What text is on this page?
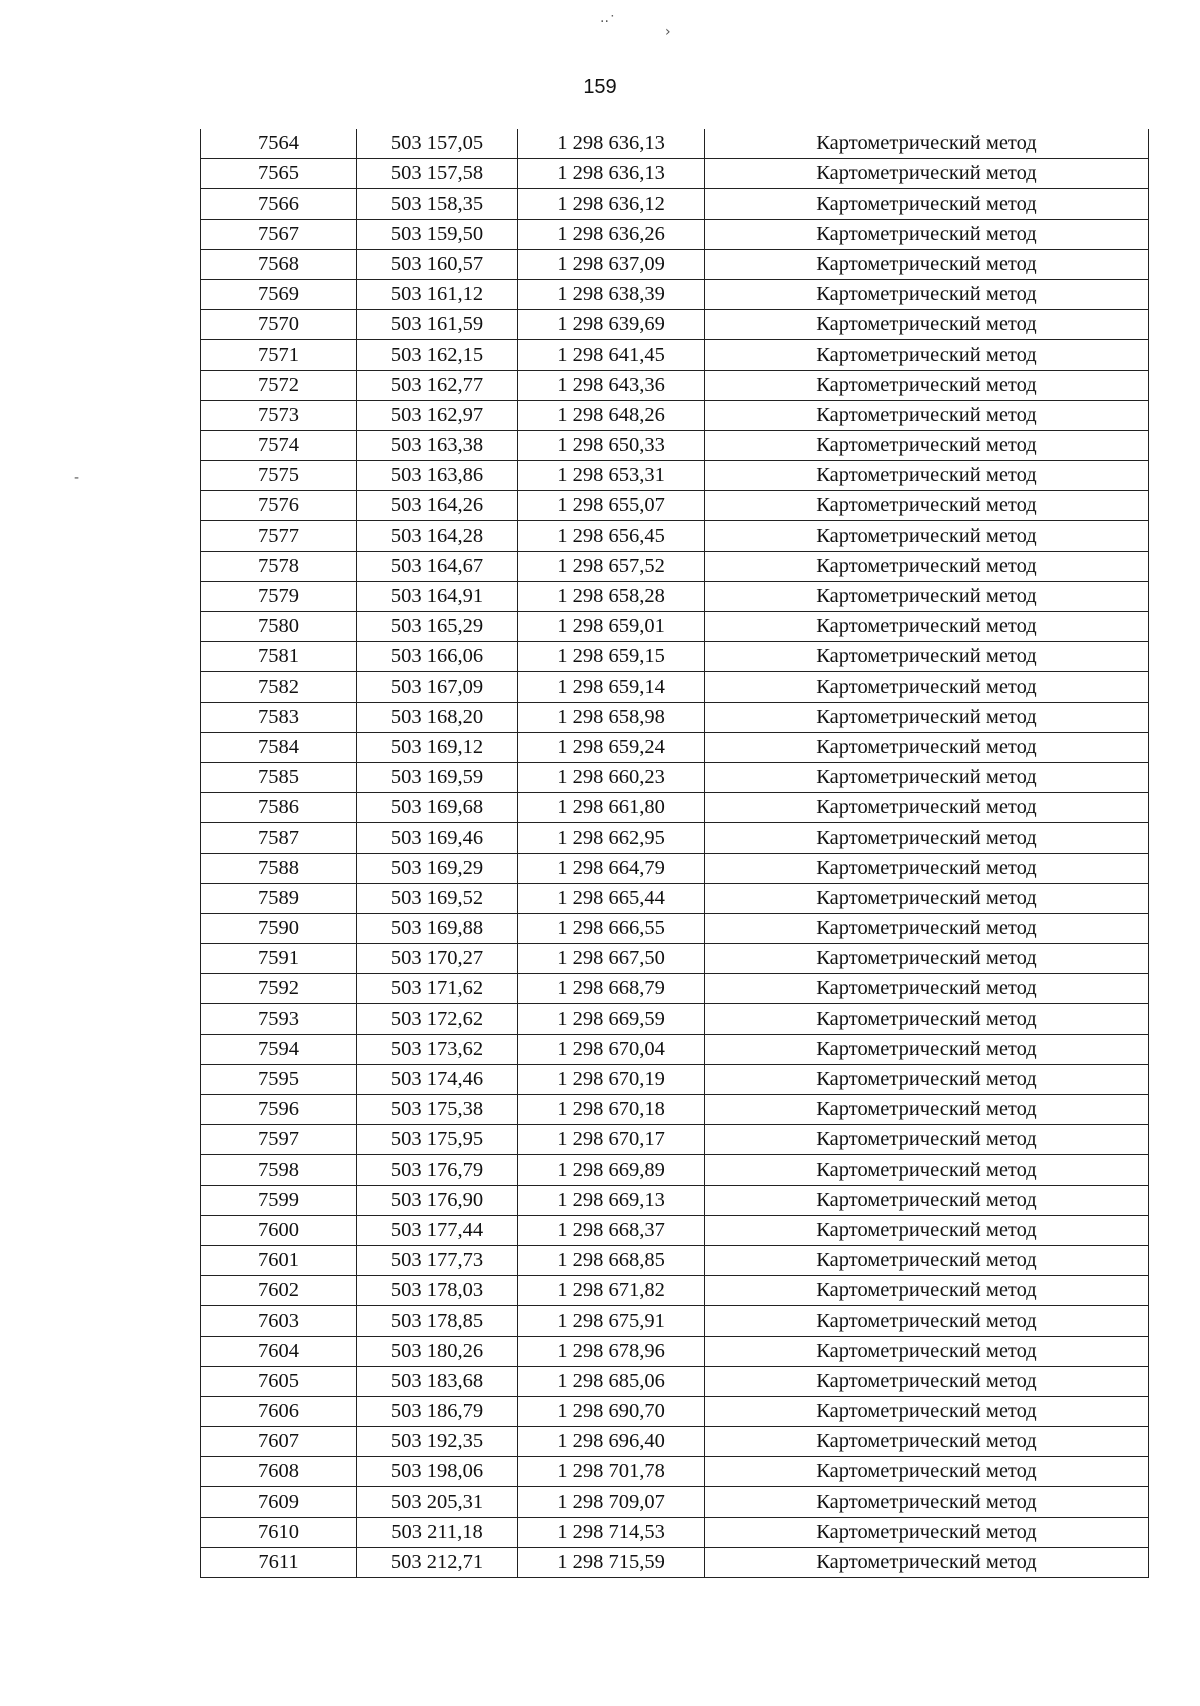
⋅⋅˙
›
-
159
7564	503 157,05	1 298 636,13	Картометрический метод
7565	503 157,58	1 298 636,13	Картометрический метод
7566	503 158,35	1 298 636,12	Картометрический метод
7567	503 159,50	1 298 636,26	Картометрический метод
7568	503 160,57	1 298 637,09	Картометрический метод
7569	503 161,12	1 298 638,39	Картометрический метод
7570	503 161,59	1 298 639,69	Картометрический метод
7571	503 162,15	1 298 641,45	Картометрический метод
7572	503 162,77	1 298 643,36	Картометрический метод
7573	503 162,97	1 298 648,26	Картометрический метод
7574	503 163,38	1 298 650,33	Картометрический метод
7575	503 163,86	1 298 653,31	Картометрический метод
7576	503 164,26	1 298 655,07	Картометрический метод
7577	503 164,28	1 298 656,45	Картометрический метод
7578	503 164,67	1 298 657,52	Картометрический метод
7579	503 164,91	1 298 658,28	Картометрический метод
7580	503 165,29	1 298 659,01	Картометрический метод
7581	503 166,06	1 298 659,15	Картометрический метод
7582	503 167,09	1 298 659,14	Картометрический метод
7583	503 168,20	1 298 658,98	Картометрический метод
7584	503 169,12	1 298 659,24	Картометрический метод
7585	503 169,59	1 298 660,23	Картометрический метод
7586	503 169,68	1 298 661,80	Картометрический метод
7587	503 169,46	1 298 662,95	Картометрический метод
7588	503 169,29	1 298 664,79	Картометрический метод
7589	503 169,52	1 298 665,44	Картометрический метод
7590	503 169,88	1 298 666,55	Картометрический метод
7591	503 170,27	1 298 667,50	Картометрический метод
7592	503 171,62	1 298 668,79	Картометрический метод
7593	503 172,62	1 298 669,59	Картометрический метод
7594	503 173,62	1 298 670,04	Картометрический метод
7595	503 174,46	1 298 670,19	Картометрический метод
7596	503 175,38	1 298 670,18	Картометрический метод
7597	503 175,95	1 298 670,17	Картометрический метод
7598	503 176,79	1 298 669,89	Картометрический метод
7599	503 176,90	1 298 669,13	Картометрический метод
7600	503 177,44	1 298 668,37	Картометрический метод
7601	503 177,73	1 298 668,85	Картометрический метод
7602	503 178,03	1 298 671,82	Картометрический метод
7603	503 178,85	1 298 675,91	Картометрический метод
7604	503 180,26	1 298 678,96	Картометрический метод
7605	503 183,68	1 298 685,06	Картометрический метод
7606	503 186,79	1 298 690,70	Картометрический метод
7607	503 192,35	1 298 696,40	Картометрический метод
7608	503 198,06	1 298 701,78	Картометрический метод
7609	503 205,31	1 298 709,07	Картометрический метод
7610	503 211,18	1 298 714,53	Картометрический метод
7611	503 212,71	1 298 715,59	Картометрический метод
